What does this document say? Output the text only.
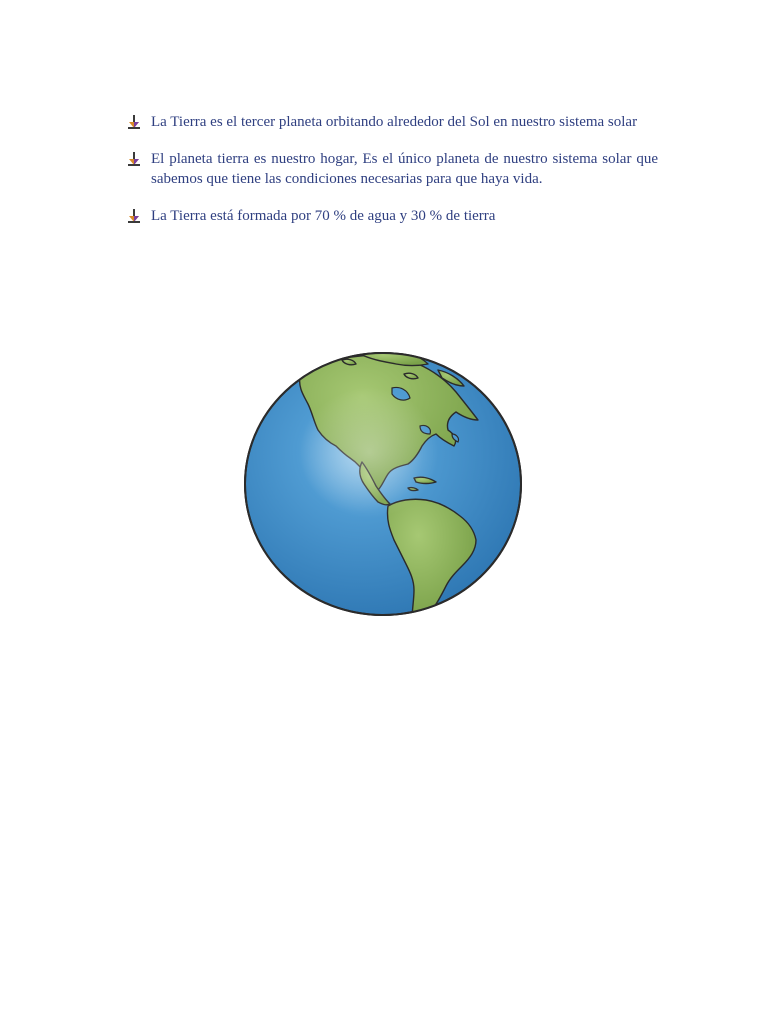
La Tierra es el tercer planeta orbitando alrededor del Sol en nuestro sistema solar
El planeta tierra es nuestro hogar, Es el único planeta de nuestro sistema solar que sabemos que tiene las condiciones necesarias para que haya vida.
La Tierra está formada por 70 % de agua y 30 % de tierra
